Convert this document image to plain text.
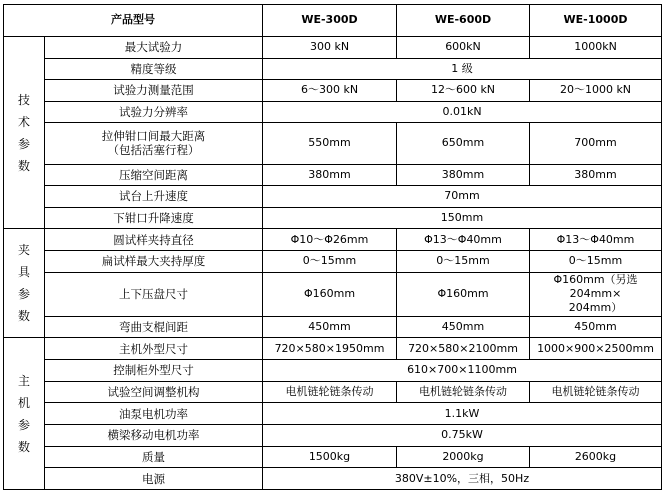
产品型号		WE-300D	WE-600D	WE-1000D

技
术
参
数	最大试验力	300 kN	600kN	1000kN
	精度等级	1 级		
	试验力测量范围	6～300 kN	12～600 kN	20～1000 kN
	试验力分辨率	0.01kN		

	拉伸钳口间最大距离
（包括活塞行程）	550mm	650mm	700mm
	压缩空间距离	380mm	380mm	380mm
	试台上升速度	70mm		
	下钳口升降速度	150mm		

夹
具
参
数	圆试样夹持直径	Φ10～Φ26mm	Φ13～Φ40mm	Φ13～Φ40mm
	扁试样最大夹持厚度	0～15mm	0～15mm	0～15mm
	上下压盘尺寸	Φ160mm	Φ160mm	Φ160mm（另选 204mm×
204mm）

	弯曲支棍间距	450mm	450mm	450mm

主
机
参
数	主机外型尺寸	720×580×1950mm	720×580×2100mm	1000×900×2500mm
	控制柜外型尺寸	610×700×1100mm		
	试验空间调整机构	电机链轮链条传动	电机链轮链条传动	电机链轮链条传动
	油泵电机功率	1.1kW		
	横梁移动电机功率	0.75kW		
	质量	1500kg	2000kg	2600kg
	电源	380V±10%，三相，50Hz		
